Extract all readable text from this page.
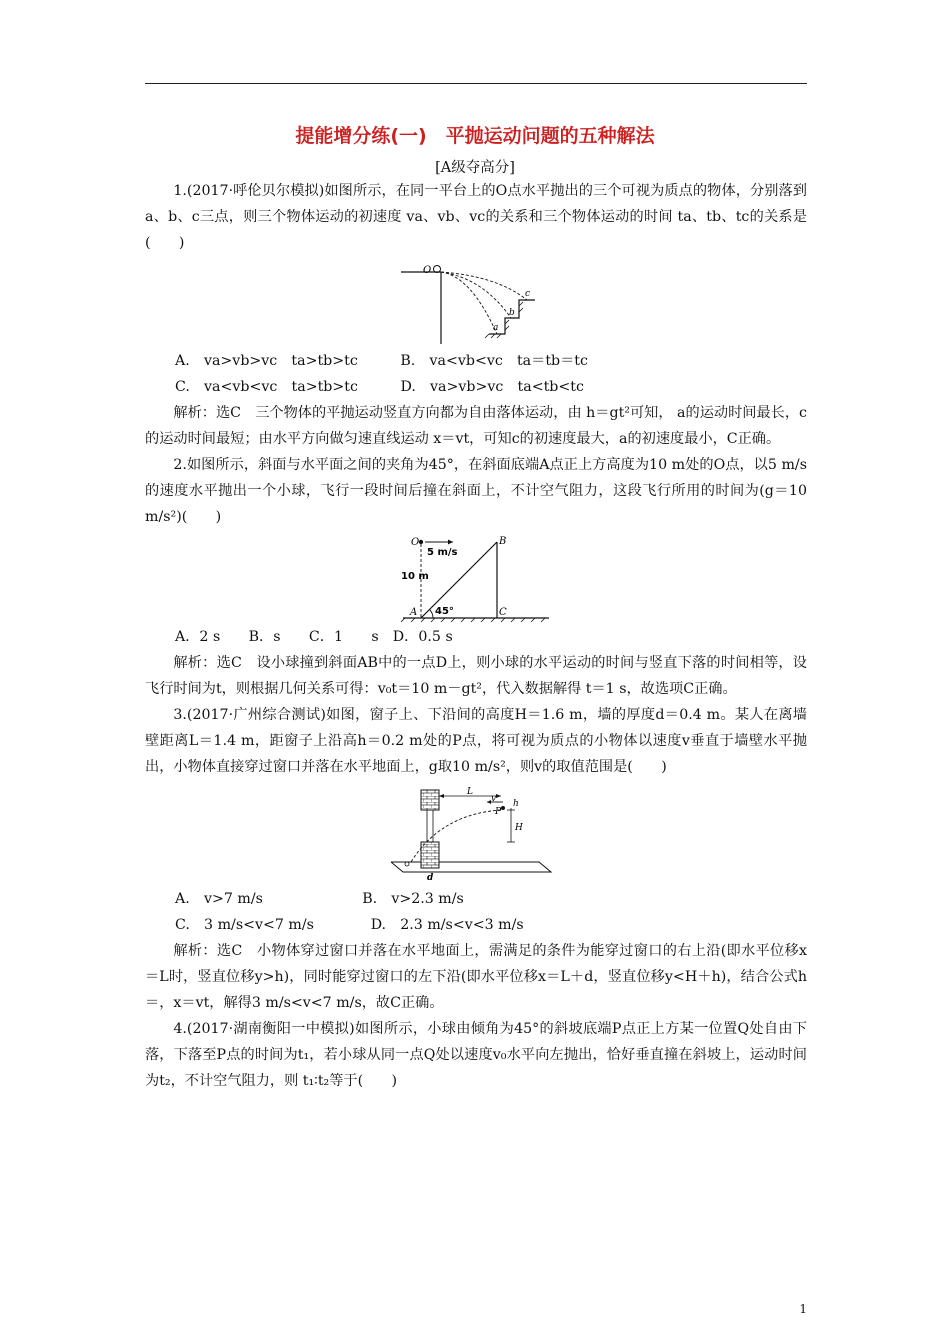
提能增分练(一)　平抛运动问题的五种解法
[A级夺高分]

1.(2017·呼伦贝尔模拟)如图所示，在同一平台上的O点水平抛出的三个可视为质点的物体，分别落到a、b、c三点，则三个物体运动的初速度 va、vb、vc的关系和三个物体运动的时间 ta、tb、tc的关系是(　　)

O
a
b
c

A.　va>vb>vc　ta>tb>tc　　　B.　va<vb<vc　ta＝tb＝tc

C.　va<vb<vc　ta>tb>tc　　　D.　va>vb>vc　ta<tb<tc

解析：选C　三个物体的平抛运动竖直方向都为自由落体运动，由 h＝gt²可知， a的运动时间最长，c的运动时间最短；由水平方向做匀速直线运动 x＝vt，可知c的初速度最大，a的初速度最小，C正确。

2.如图所示，斜面与水平面之间的夹角为45°，在斜面底端A点正上方高度为10 m处的O点，以5 m/s 的速度水平抛出一个小球，飞行一段时间后撞在斜面上，不计空气阻力，这段飞行所用的时间为(g＝10 m/s²)(　　)

O
5 m/s
10 m
45°
A
B
C

A．2 s　　B．s　　C．1　　s　D．0.5 s

解析：选C　设小球撞到斜面AB中的一点D上，则小球的水平运动的时间与竖直下落的时间相等，设飞行时间为t，则根据几何关系可得：v₀t＝10 m－gt²，代入数据解得 t＝1 s，故选项C正确。

3.(2017·广州综合测试)如图，窗子上、下沿间的高度H＝1.6 m，墙的厚度d＝0.4 m。某人在离墙壁距离L＝1.4 m，距窗子上沿高h＝0.2 m处的P点，将可视为质点的小物体以速度v垂直于墙壁水平抛出，小物体直接穿过窗口并落在水平地面上，g取10 m/s²，则v的取值范围是(　　)

L
v
P
h
H
d

A.　v>7 m/s　　　　　　　B.　v>2.3 m/s

C.　3 m/s<v<7 m/s　　　　D.　2.3 m/s<v<3 m/s

解析：选C　小物体穿过窗口并落在水平地面上，需满足的条件为能穿过窗口的右上沿(即水平位移x＝L时，竖直位移y>h)，同时能穿过窗口的左下沿(即水平位移x＝L＋d，竖直位移y<H＋h)，结合公式h＝，x＝vt，解得3 m/s<v<7 m/s，故C正确。

4.(2017·湖南衡阳一中模拟)如图所示，小球由倾角为45°的斜坡底端P点正上方某一位置Q处自由下落，下落至P点的时间为t₁，若小球从同一点Q处以速度v₀水平向左抛出，恰好垂直撞在斜坡上，运动时间为t₂，不计空气阻力，则 t₁∶t₂等于(　　)

1
